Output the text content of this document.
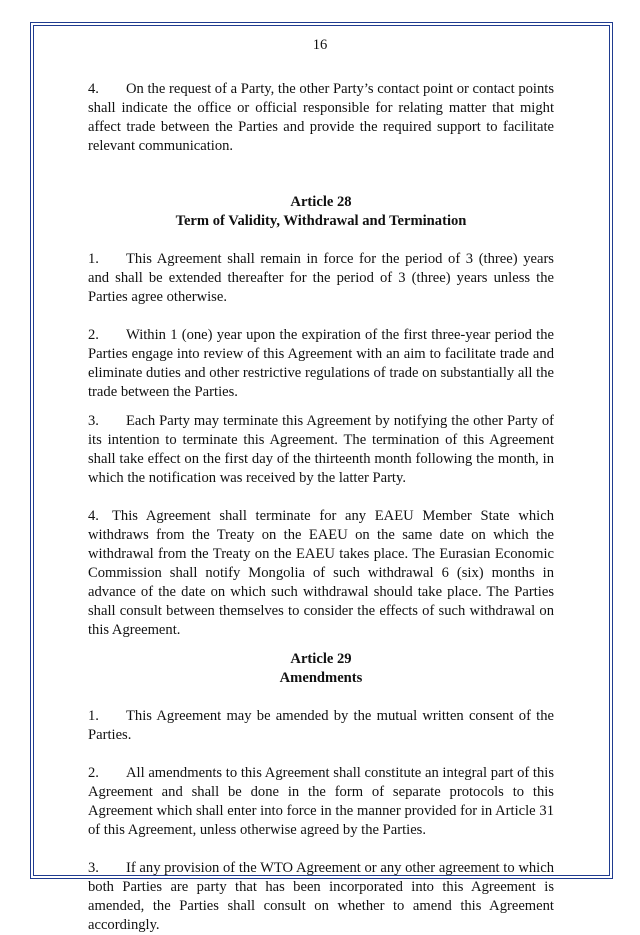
16

4. On the request of a Party, the other Party’s contact point or contact points shall indicate the office or official responsible for relating matter that might affect trade between the Parties and provide the required support to facilitate relevant communication.

Article 28

Term of Validity, Withdrawal and Termination

1. This Agreement shall remain in force for the period of 3 (three) years and shall be extended thereafter for the period of 3 (three) years unless the Parties agree otherwise.

2. Within 1 (one) year upon the expiration of the first three-year period the Parties engage into review of this Agreement with an aim to facilitate trade and eliminate duties and other restrictive regulations of trade on substantially all the trade between the Parties.

3. Each Party may terminate this Agreement by notifying the other Party of its intention to terminate this Agreement. The termination of this Agreement shall take effect on the first day of the thirteenth month following the month, in which the notification was received by the latter Party.

4. This Agreement shall terminate for any EAEU Member State which withdraws from the Treaty on the EAEU on the same date on which the withdrawal from the Treaty on the EAEU takes place. The Eurasian Economic Commission shall notify Mongolia of such withdrawal 6 (six) months in advance of the date on which such withdrawal should take place. The Parties shall consult between themselves to consider the effects of such withdrawal on this Agreement.

Article 29

Amendments

1. This Agreement may be amended by the mutual written consent of the Parties.

2. All amendments to this Agreement shall constitute an integral part of this Agreement and shall be done in the form of separate protocols to this Agreement which shall enter into force in the manner provided for in Article 31 of this Agreement, unless otherwise agreed by the Parties.

3. If any provision of the WTO Agreement or any other agreement to which both Parties are party that has been incorporated into this Agreement is amended, the Parties shall consult on whether to amend this Agreement accordingly.
